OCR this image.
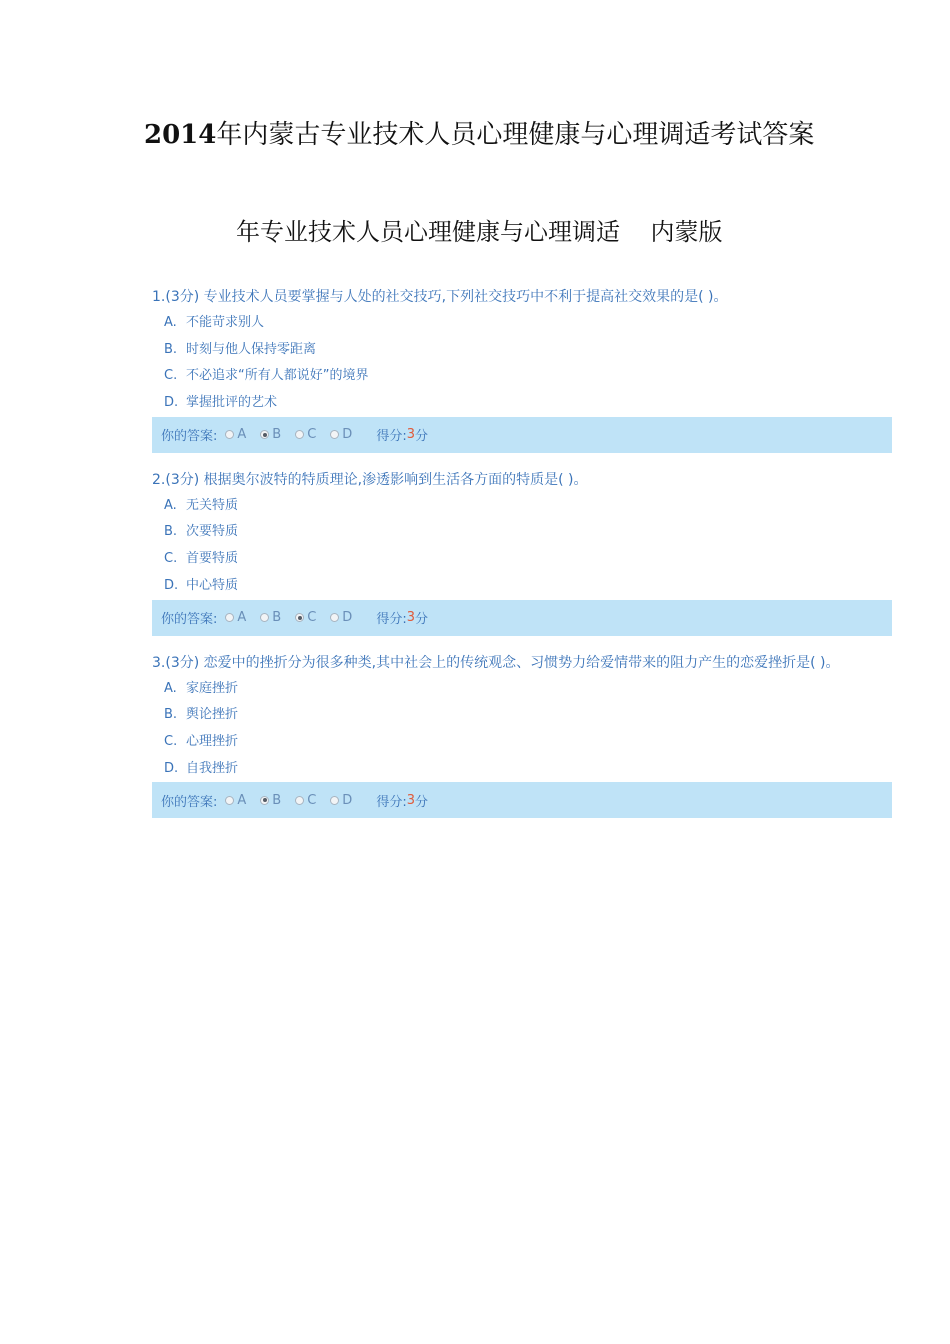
2014年内蒙古专业技术人员心理健康与心理调适考试答案
年专业技术人员心理健康与心理调适    内蒙版
1.(3分) 专业技术人员要掌握与人处的社交技巧,下列社交技巧中不利于提高社交效果的是( )。
A. 不能苛求别人
B. 时刻与他人保持零距离
C. 不必追求“所有人都说好”的境界
D. 掌握批评的艺术
你的答案: A B C D 得分: 3 分
2.(3分) 根据奥尔波特的特质理论,渗透影响到生活各方面的特质是( )。
A. 无关特质
B. 次要特质
C. 首要特质
D. 中心特质
你的答案: A B C D 得分: 3 分
3.(3分) 恋爱中的挫折分为很多种类,其中社会上的传统观念、习惯势力给爱情带来的阻力产生的恋爱挫折是( )。
A. 家庭挫折
B. 舆论挫折
C. 心理挫折
D. 自我挫折
你的答案: A B C D 得分: 3 分
